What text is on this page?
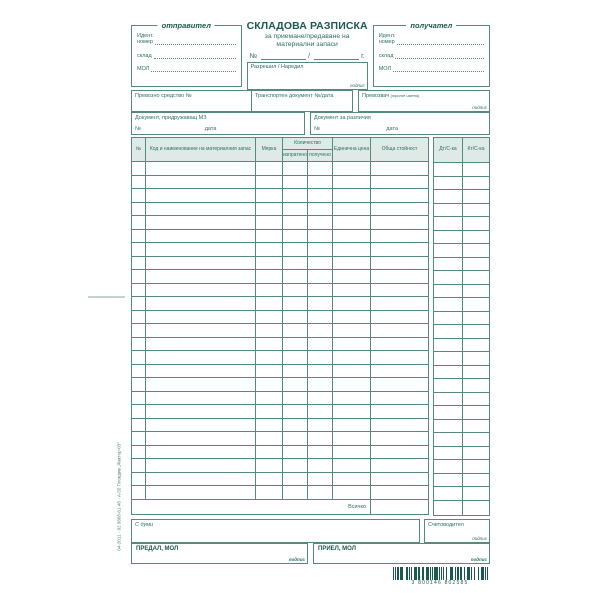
04-2011 · 02 9868-61-48 · А-55 Пловдив „Фактор-03“
отправител
Идент.
номер
склад
МОЛ
СКЛАДОВА РАЗПИСКА
за приемане/предаване на материални запаси
№	/	г.
Разрешил / Наредил
подпис
получател
Идент.
номер
склад
МОЛ
Превозно средство №	Транспортен документ №/дата	Превозвач (трите имена)
подпис
Документ, придружаващ МЗ
№	дата
Документ за различия
№	дата
№	Код и наименование на материалния запас	Мярка	Количество		Единична цена	Обща стойност
			изпратено	получено		

Всичко						
Дт/С-ка	Кт/С-ка

С думи	Счетоводител
подпис
ПРЕДАЛ, МОЛ
подпис
ПРИЕЛ, МОЛ
подпис
3 800146 802585
